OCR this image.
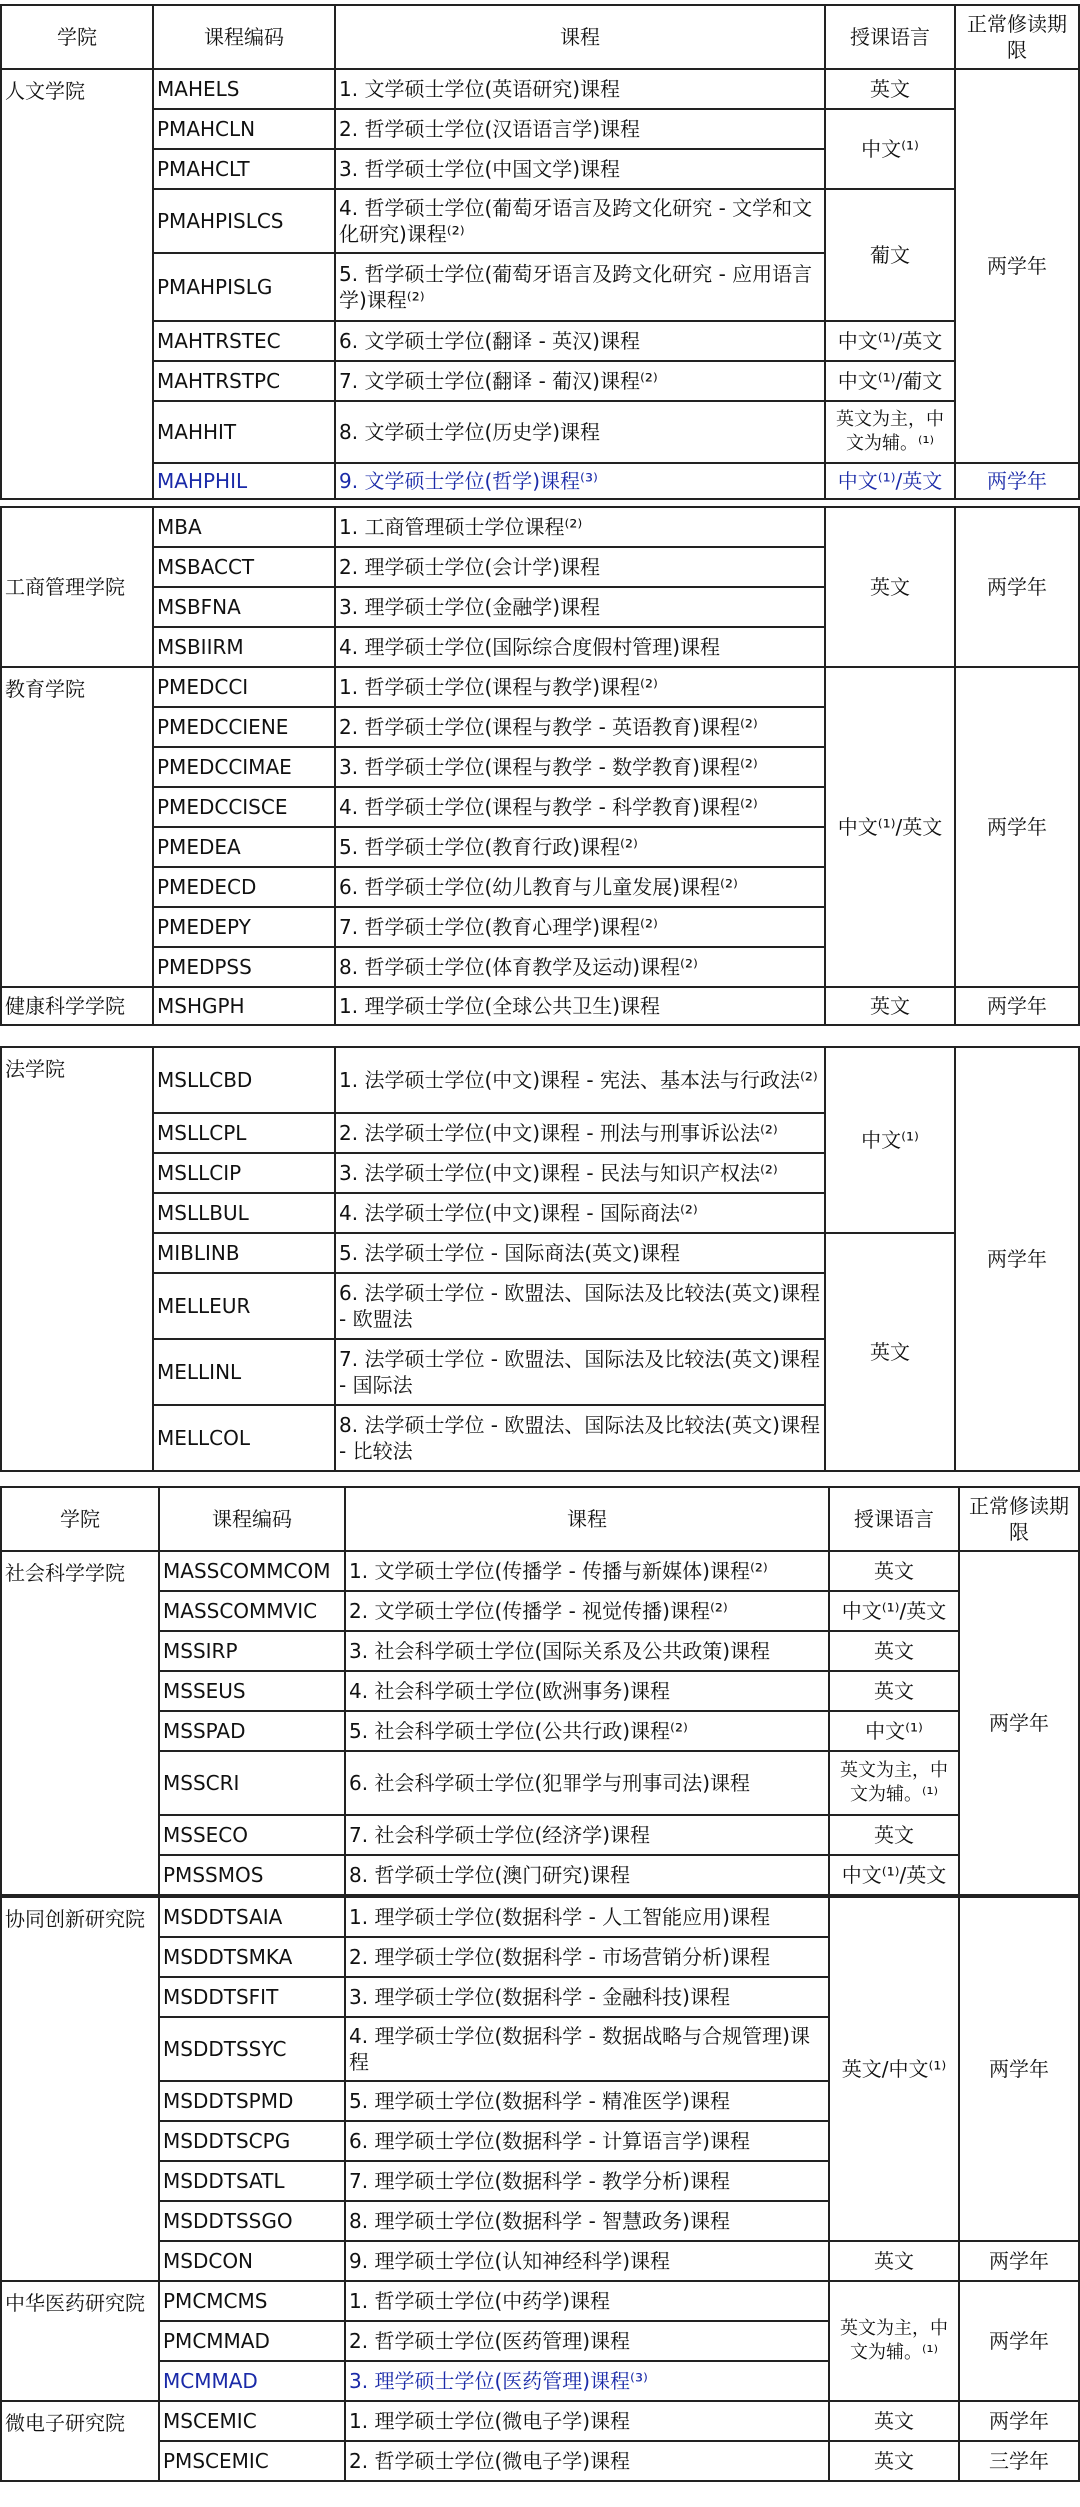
学院	课程编码	课程	授课语言	正常修读期限
人文学院	MAHELS	1. 文学硕士学位(英语研究)课程	英文	两学年
	PMAHCLN	2. 哲学硕士学位(汉语语言学)课程	中文⁽¹⁾	
	PMAHCLT	3. 哲学硕士学位(中国文学)课程		
	PMAHPISLCS	4. 哲学硕士学位(葡萄牙语言及跨文化研究 - 文学和文化研究)课程⁽²⁾	葡文	
	PMAHPISLG	5. 哲学硕士学位(葡萄牙语言及跨文化研究 - 应用语言学)课程⁽²⁾		
	MAHTRSTEC	6. 文学硕士学位(翻译 - 英汉)课程	中文⁽¹⁾/英文	
	MAHTRSTPC	7. 文学硕士学位(翻译 - 葡汉)课程⁽²⁾	中文⁽¹⁾/葡文	
	MAHHIT	8. 文学硕士学位(历史学)课程	英文为主，中文为辅。⁽¹⁾	
	MAHPHIL	9. 文学硕士学位(哲学)课程⁽³⁾	中文⁽¹⁾/英文	两学年
工商管理学院	MBA	1. 工商管理硕士学位课程⁽²⁾	英文	两学年
	MSBACCT	2. 理学硕士学位(会计学)课程		
	MSBFNA	3. 理学硕士学位(金融学)课程		
	MSBIIRM	4. 理学硕士学位(国际综合度假村管理)课程		
教育学院	PMEDCCI	1. 哲学硕士学位(课程与教学)课程⁽²⁾	中文⁽¹⁾/英文	两学年
	PMEDCCIENE	2. 哲学硕士学位(课程与教学 - 英语教育)课程⁽²⁾		
	PMEDCCIMAE	3. 哲学硕士学位(课程与教学 - 数学教育)课程⁽²⁾		
	PMEDCCISCE	4. 哲学硕士学位(课程与教学 - 科学教育)课程⁽²⁾		
	PMEDEA	5. 哲学硕士学位(教育行政)课程⁽²⁾		
	PMEDECD	6. 哲学硕士学位(幼儿教育与儿童发展)课程⁽²⁾		
	PMEDEPY	7. 哲学硕士学位(教育心理学)课程⁽²⁾		
	PMEDPSS	8. 哲学硕士学位(体育教学及运动)课程⁽²⁾		
健康科学学院	MSHGPH	1. 理学硕士学位(全球公共卫生)课程	英文	两学年
法学院	MSLLCBD	1. 法学硕士学位(中文)课程 - 宪法、基本法与行政法⁽²⁾	中文⁽¹⁾	两学年
	MSLLCPL	2. 法学硕士学位(中文)课程 - 刑法与刑事诉讼法⁽²⁾		
	MSLLCIP	3. 法学硕士学位(中文)课程 - 民法与知识产权法⁽²⁾		
	MSLLBUL	4. 法学硕士学位(中文)课程 - 国际商法⁽²⁾		
	MIBLINB	5. 法学硕士学位 - 国际商法(英文)课程	英文	
	MELLEUR	6. 法学硕士学位 - 欧盟法、国际法及比较法(英文)课程 - 欧盟法		
	MELLINL	7. 法学硕士学位 - 欧盟法、国际法及比较法(英文)课程 - 国际法		
	MELLCOL	8. 法学硕士学位 - 欧盟法、国际法及比较法(英文)课程 - 比较法		
学院	课程编码	课程	授课语言	正常修读期限
社会科学学院	MASSCOMMCOM	1. 文学硕士学位(传播学 - 传播与新媒体)课程⁽²⁾	英文	两学年
	MASSCOMMVIC	2. 文学硕士学位(传播学 - 视觉传播)课程⁽²⁾	中文⁽¹⁾/英文	
	MSSIRP	3. 社会科学硕士学位(国际关系及公共政策)课程	英文	
	MSSEUS	4. 社会科学硕士学位(欧洲事务)课程	英文	
	MSSPAD	5. 社会科学硕士学位(公共行政)课程⁽²⁾	中文⁽¹⁾	
	MSSCRI	6. 社会科学硕士学位(犯罪学与刑事司法)课程	英文为主，中文为辅。⁽¹⁾	
	MSSECO	7. 社会科学硕士学位(经济学)课程	英文	
	PMSSMOS	8. 哲学硕士学位(澳门研究)课程	中文⁽¹⁾/英文	
协同创新研究院	MSDDTSAIA	1. 理学硕士学位(数据科学 - 人工智能应用)课程	英文/中文⁽¹⁾	两学年
	MSDDTSMKA	2. 理学硕士学位(数据科学 - 市场营销分析)课程		
	MSDDTSFIT	3. 理学硕士学位(数据科学 - 金融科技)课程		
	MSDDTSSYC	4. 理学硕士学位(数据科学 - 数据战略与合规管理)课程		
	MSDDTSPMD	5. 理学硕士学位(数据科学 - 精准医学)课程		
	MSDDTSCPG	6. 理学硕士学位(数据科学 - 计算语言学)课程		
	MSDDTSATL	7. 理学硕士学位(数据科学 - 教学分析)课程		
	MSDDTSSGO	8. 理学硕士学位(数据科学 - 智慧政务)课程		
	MSDCON	9. 理学硕士学位(认知神经科学)课程	英文	两学年
中华医药研究院	PMCMCMS	1. 哲学硕士学位(中药学)课程	英文为主，中文为辅。⁽¹⁾	两学年
	PMCMMAD	2. 哲学硕士学位(医药管理)课程		
	MCMMAD	3. 理学硕士学位(医药管理)课程⁽³⁾		
微电子研究院	MSCEMIC	1. 理学硕士学位(微电子学)课程	英文	两学年
	PMSCEMIC	2. 哲学硕士学位(微电子学)课程	英文	三学年
